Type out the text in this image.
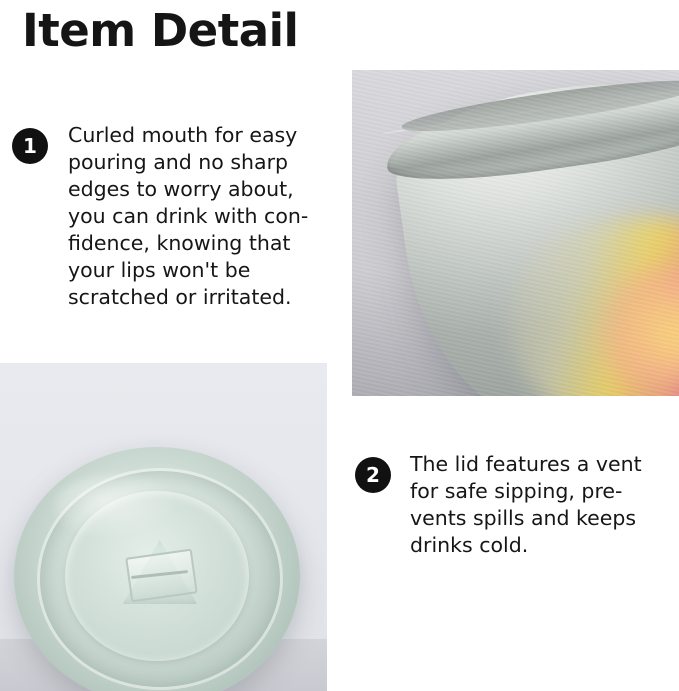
Item Detail
1	Curled mouth for easy pouring and no sharp edges to worry about, you can drink with con-fidence, knowing that your lips won't be scratched or irritated.
2	The lid features a vent for safe sipping, pre-vents spills and keeps drinks cold.
